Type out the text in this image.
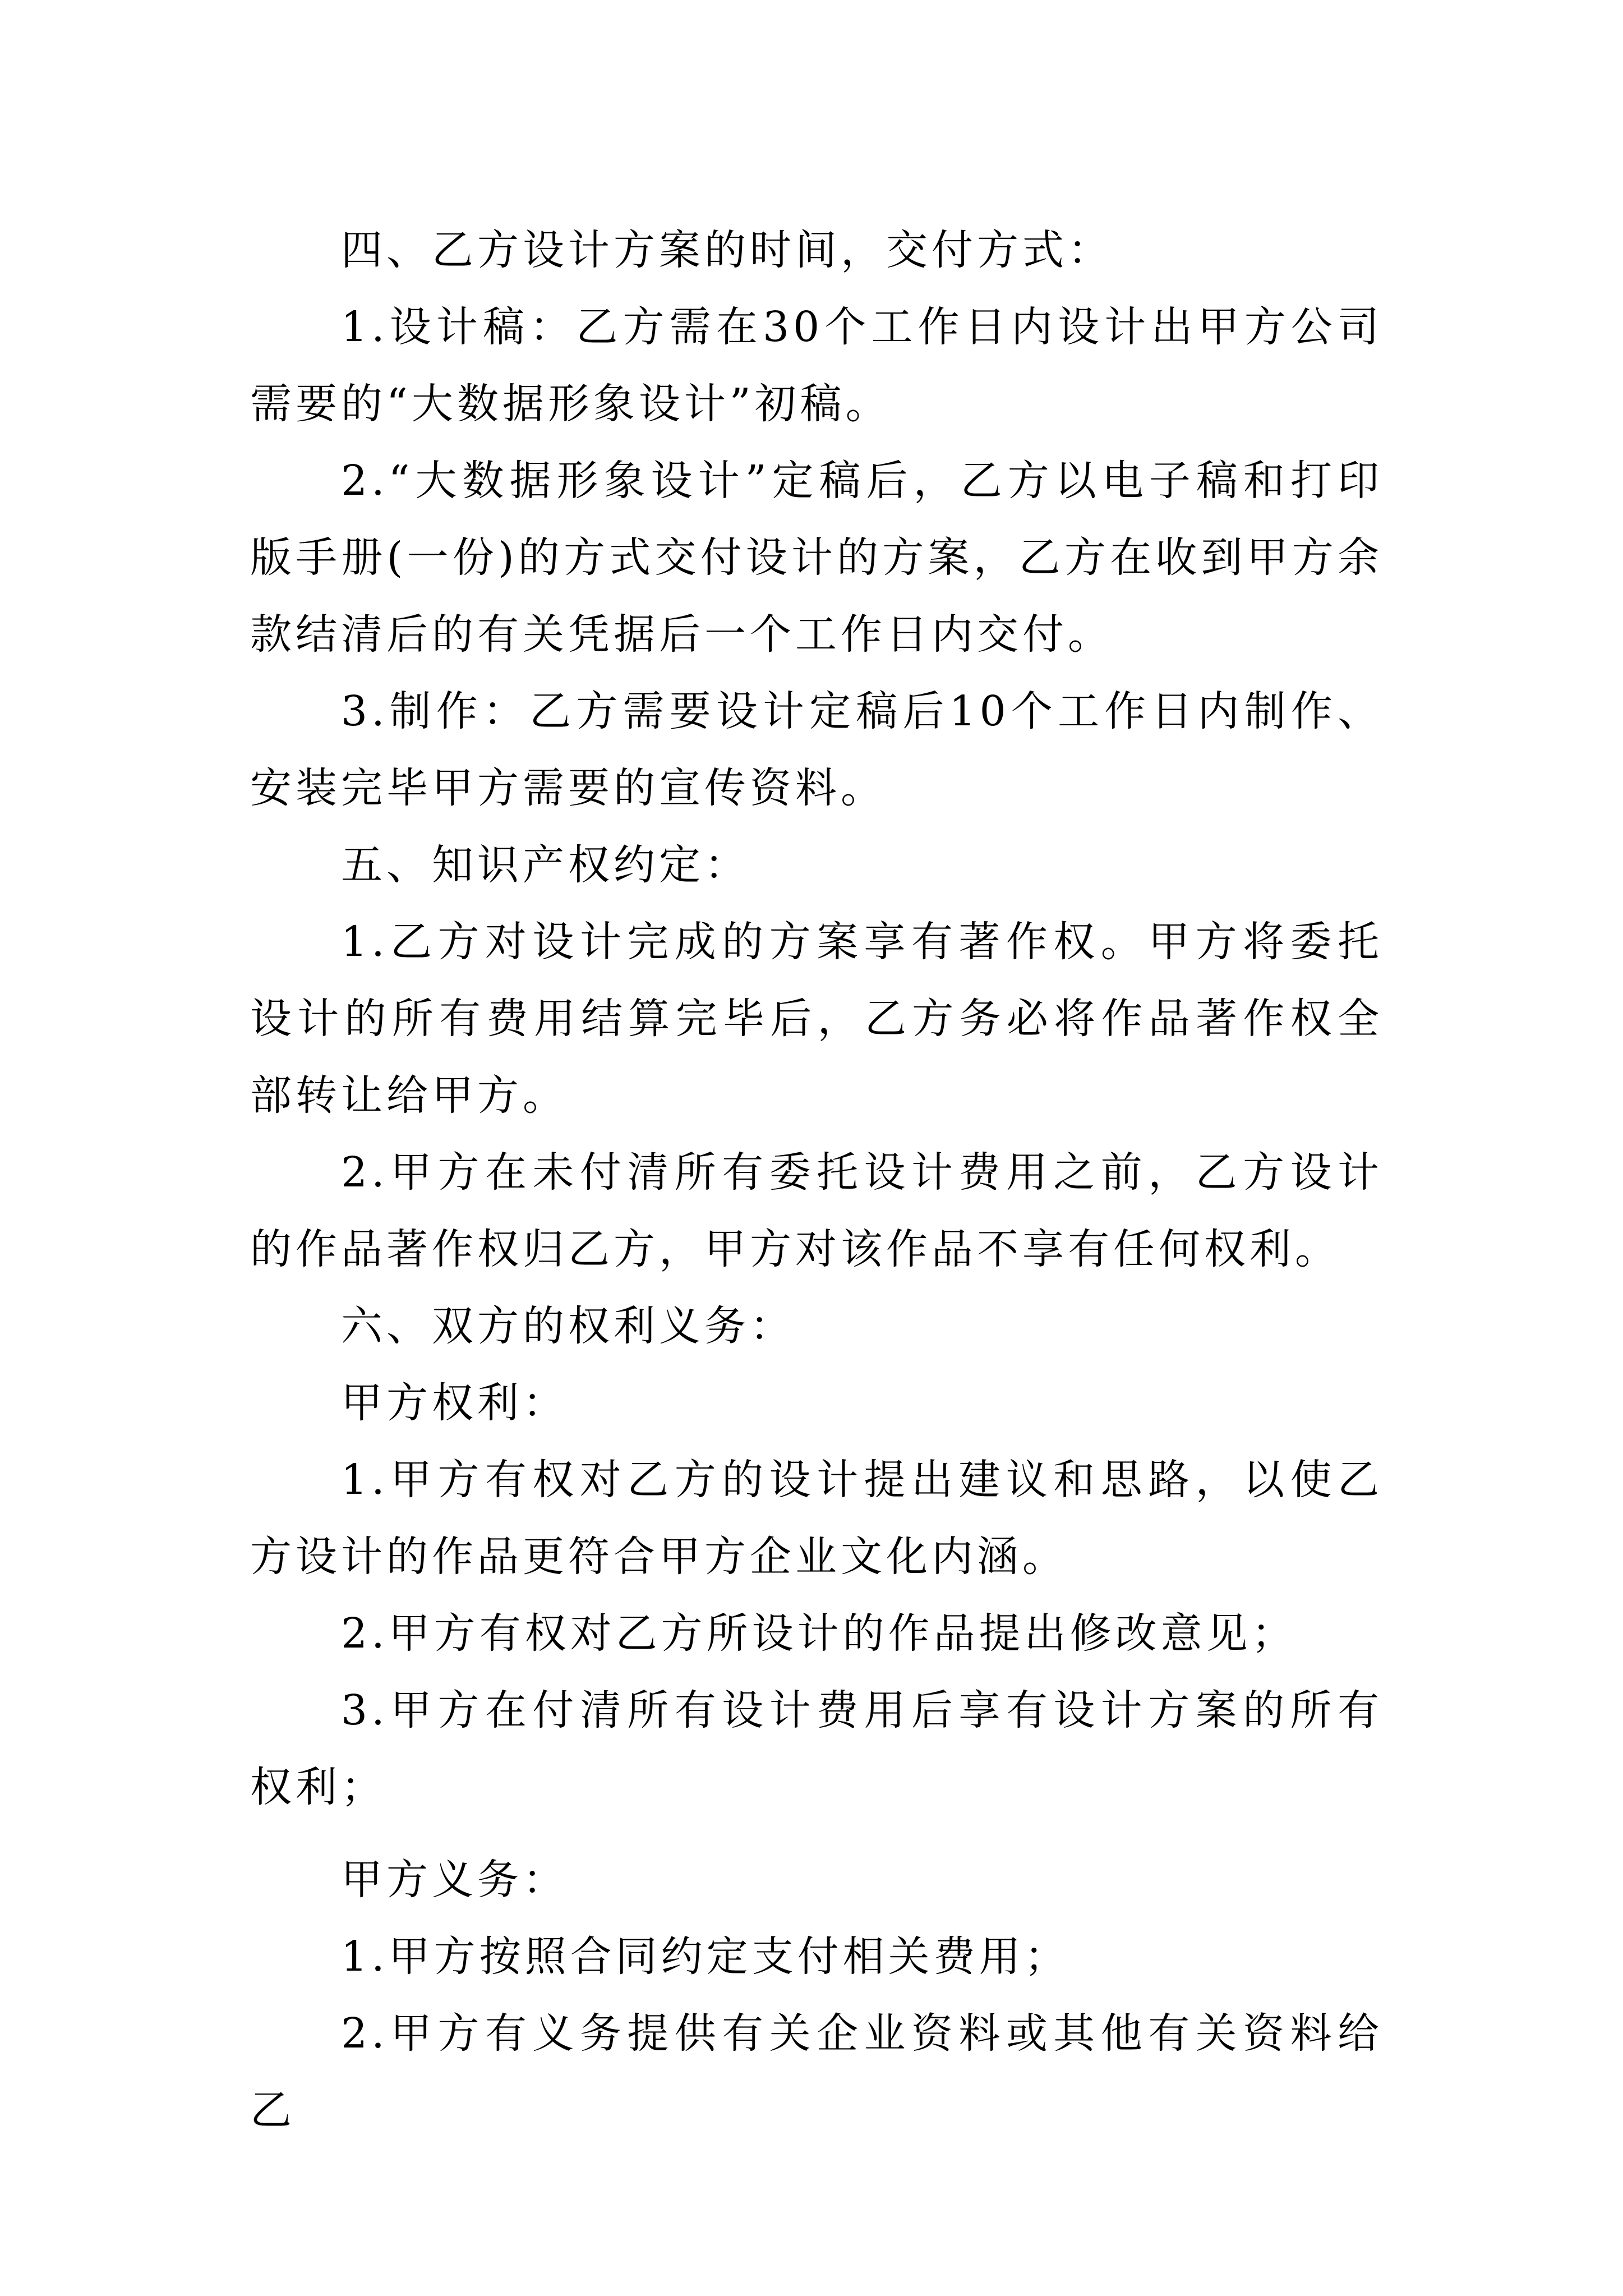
四、乙方设计方案的时间，交付方式：

1.设计稿：乙方需在30个工作日内设计出甲方公司需要的“大数据形象设计”初稿。

2.“大数据形象设计”定稿后，乙方以电子稿和打印版手册(一份)的方式交付设计的方案，乙方在收到甲方余款结清后的有关凭据后一个工作日内交付。

3.制作：乙方需要设计定稿后10个工作日内制作、安装完毕甲方需要的宣传资料。

五、知识产权约定：

1.乙方对设计完成的方案享有著作权。甲方将委托设计的所有费用结算完毕后，乙方务必将作品著作权全部转让给甲方。

2.甲方在未付清所有委托设计费用之前，乙方设计的作品著作权归乙方，甲方对该作品不享有任何权利。

六、双方的权利义务：

甲方权利：

1.甲方有权对乙方的设计提出建议和思路，以使乙方设计的作品更符合甲方企业文化内涵。

2.甲方有权对乙方所设计的作品提出修改意见；

3.甲方在付清所有设计费用后享有设计方案的所有权利；

甲方义务：

1.甲方按照合同约定支付相关费用；

2.甲方有义务提供有关企业资料或其他有关资料给乙
